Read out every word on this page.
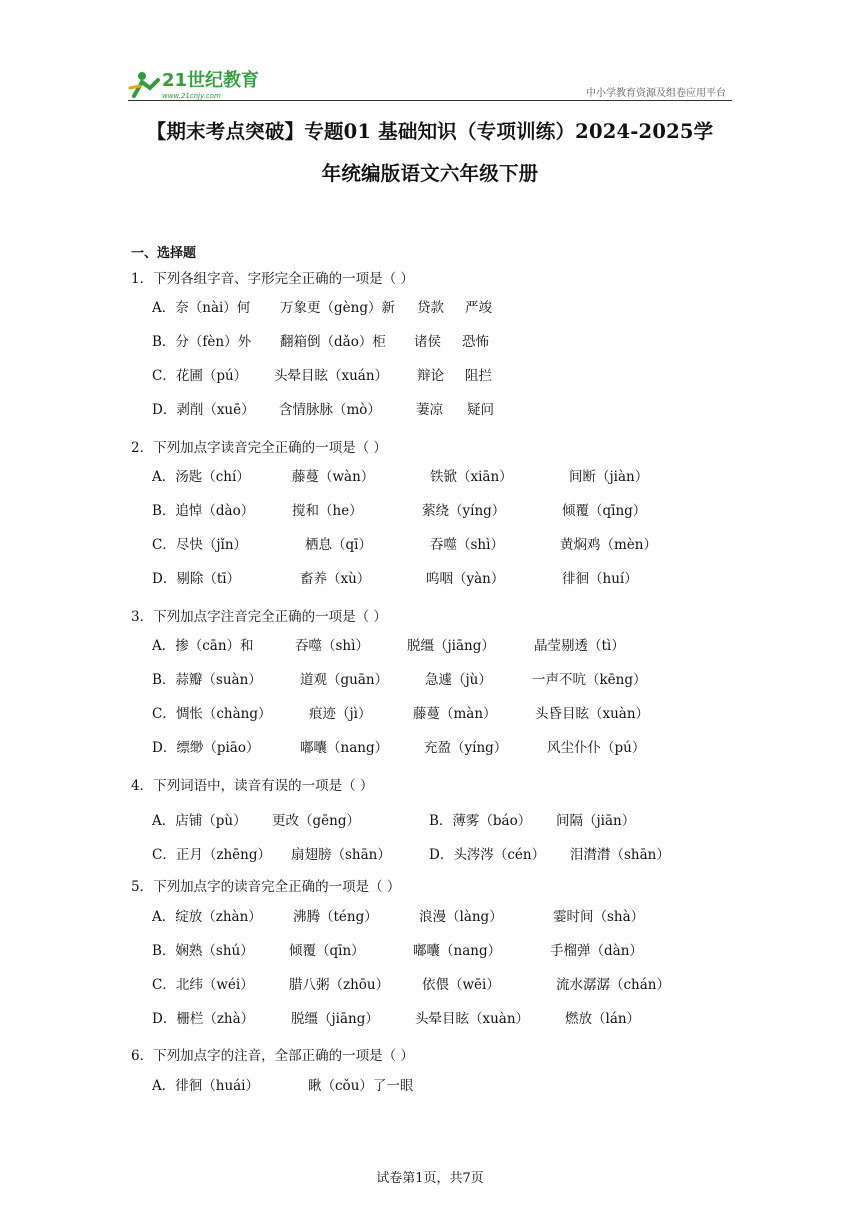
21世纪教育
www.21cnjy.com	中小学教育资源及组卷应用平台
【期末考点突破】专题01 基础知识（专项训练）2024-2025学
年统编版语文六年级下册
一、选择题
1．下列各组字音、字形完全正确的一项是（ ）
A．奈（nài）何 万象更（gèng）新 贷款 严竣
B．分（fèn）外 翻箱倒（dǎo）柜 诸侯 恐怖
C．花圃（pú） 头晕目眩（xuán） 辩论 阻拦
D．剥削（xuē） 含情脉脉（mò）	萋凉 疑问
2．下列加点字读音完全正确的一项是（ ）
A．汤匙（chí）	藤蔓（wàn）	铁锨（xiān）	间断（jiàn）
B．追悼（dào）	搅和（he）	萦绕（yíng）	倾覆（qīng）
C．尽快（jǐn）	栖息（qī）	吞噬（shì）	黄焖鸡（mèn）
D．剔除（tī）	畜养（xù）	呜咽（yàn）	徘徊（huí）
3．下列加点字注音完全正确的一项是（ ）
A．掺（cān）和	吞噬（shì）	脱缰（jiāng）	晶莹剔透（tì）
B．蒜瓣（suàn）	道观（guān）	急遽（jù）	一声不吭（kēng）
C．惆怅（chàng）	痕迹（jì）	藤蔓（màn）	头昏目眩（xuàn）
D．缥缈（piāo）	嘟囔（nang）	充盈（yíng）	风尘仆仆（pú）
4．下列词语中，读音有误的一项是（ ）
A．店铺（pù） 更改（gēng）	B．薄雾（báo） 间隔（jiān）
C．正月（zhēng） 扇翅膀（shān）	D．头涔涔（cén） 泪潸潸（shān）
5．下列加点字的读音完全正确的一项是（ ）
A．绽放（zhàn） 沸腾（téng）	浪漫（làng）	霎时间（shà）
B．娴熟（shú）	倾覆（qīn）	嘟囔（nang）	手榴弹（dàn）
C．北纬（wéi）	腊八粥（zhōu） 依偎（wēi）	流水潺潺（chán）
D．栅栏（zhà）	脱缰（jiāng）	头晕目眩（xuàn）	燃放（lán）
6．下列加点字的注音，全部正确的一项是（ ）
A．徘徊（huái）	瞅（cǒu）了一眼
试卷第1页，共7页
